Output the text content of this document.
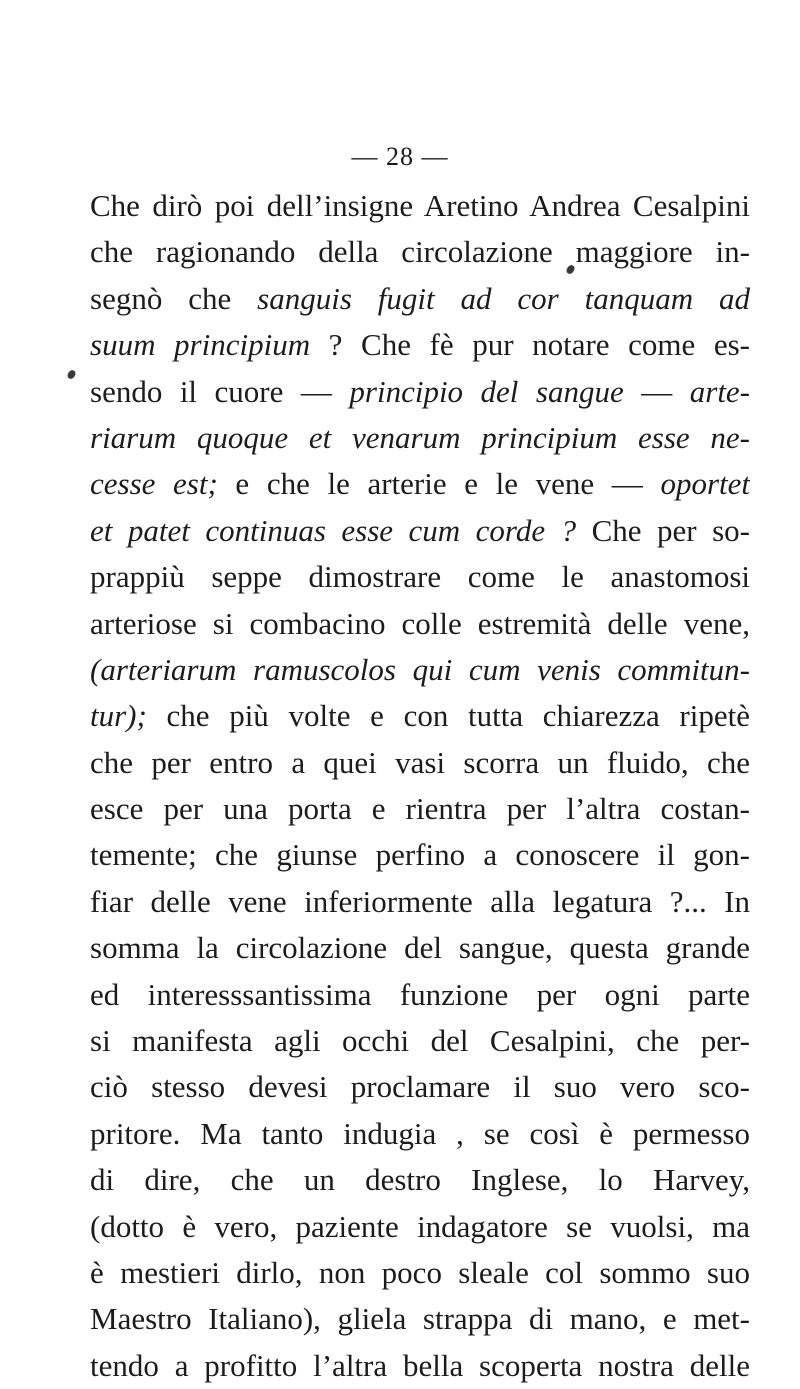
— 28 —
Che dirò poi dell’insigne Aretino Andrea Cesalpini
che ragionando della circolazione maggiore in-
segnò che sanguis fugit ad cor tanquam ad
suum principium ? Che fè pur notare come es-
sendo il cuore — principio del sangue — arte-
riarum quoque et venarum principium esse ne-
cesse est; e che le arterie e le vene — oportet
et patet continuas esse cum corde ? Che per so-
prappiù seppe dimostrare come le anastomosi
arteriose si combacino colle estremità delle vene,
(arteriarum ramuscolos qui cum venis commitun-
tur); che più volte e con tutta chiarezza ripetè
che per entro a quei vasi scorra un fluido, che
esce per una porta e rientra per l’altra costan-
temente; che giunse perfino a conoscere il gon-
fiar delle vene inferiormente alla legatura ?... In
somma la circolazione del sangue, questa grande
ed interesssantissima funzione per ogni parte
si manifesta agli occhi del Cesalpini, che per-
ciò stesso devesi proclamare il suo vero sco-
pritore. Ma tanto indugia , se così è permesso
di dire, che un destro Inglese, lo Harvey,
(dotto è vero, paziente indagatore se vuolsi, ma
è mestieri dirlo, non poco sleale col sommo suo
Maestro Italiano), gliela strappa di mano, e met-
tendo a profitto l’altra bella scoperta nostra delle
